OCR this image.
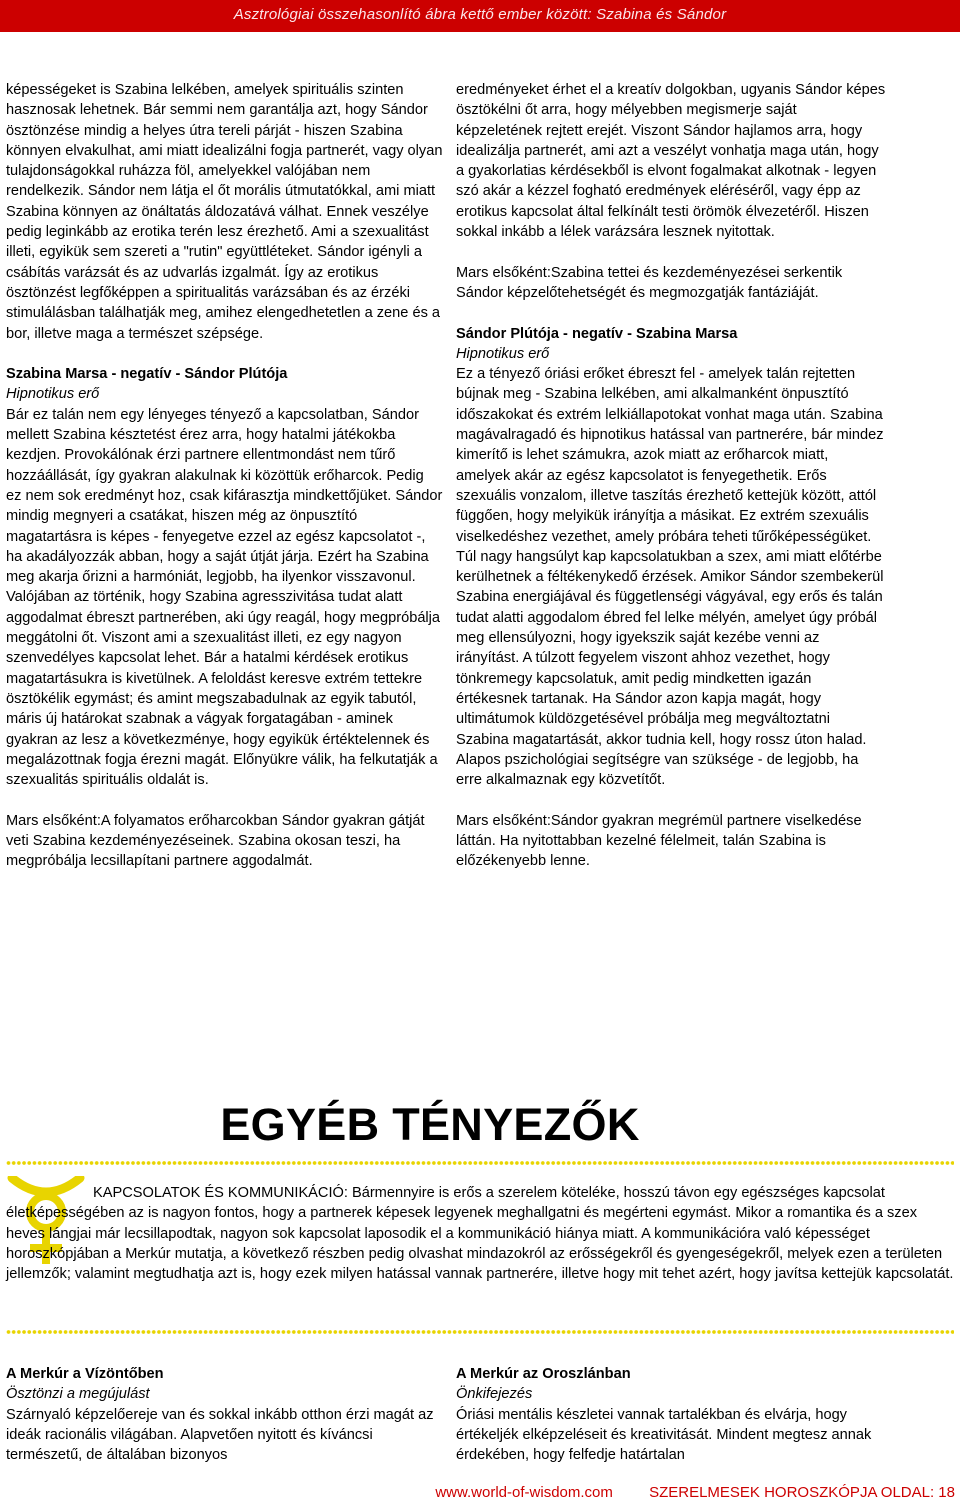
Asztrológiai összehasonlító ábra kettő ember között: Szabina és Sándor

képességeket is Szabina lelkében, amelyek spirituális szinten hasznosak lehetnek. Bár semmi nem garantálja azt, hogy Sándor ösztönzése mindig a helyes útra tereli párját - hiszen Szabina könnyen elvakulhat, ami miatt idealizálni fogja partnerét, vagy olyan tulajdonságokkal ruházza föl, amelyekkel valójában nem rendelkezik. Sándor nem látja el őt morális útmutatókkal, ami miatt Szabina könnyen az önáltatás áldozatává válhat. Ennek veszélye pedig leginkább az erotika terén lesz érezhető. Ami a szexualitást illeti, egyikük sem szereti a "rutin" együttléteket. Sándor igényli a csábítás varázsát és az udvarlás izgalmát. Így az erotikus ösztönzést legfőképpen a spiritualitás varázsában és az érzéki stimulálásban találhatják meg, amihez elengedhetetlen a zene és a bor, illetve maga a természet szépsége.

Szabina Marsa - negatív - Sándor Plútója

Hipnotikus erő

Bár ez talán nem egy lényeges tényező a kapcsolatban, Sándor mellett Szabina késztetést érez arra, hogy hatalmi játékokba kezdjen. Provokálónak érzi partnere ellentmondást nem tűrő hozzáállását, így gyakran alakulnak ki közöttük erőharcok. Pedig ez nem sok eredményt hoz, csak kifárasztja mindkettőjüket. Sándor mindig megnyeri a csatákat, hiszen még az önpusztító magatartásra is képes - fenyegetve ezzel az egész kapcsolatot -, ha akadályozzák abban, hogy a saját útját járja. Ezért ha Szabina meg akarja őrizni a harmóniát, legjobb, ha ilyenkor visszavonul. Valójában az történik, hogy Szabina agresszivitása tudat alatt aggodalmat ébreszt partnerében, aki úgy reagál, hogy megpróbálja meggátolni őt. Viszont ami a szexualitást illeti, ez egy nagyon szenvedélyes kapcsolat lehet. Bár a hatalmi kérdések erotikus magatartásukra is kivetülnek. A feloldást keresve extrém tettekre ösztökélik egymást; és amint megszabadulnak az egyik tabutól, máris új határokat szabnak a vágyak forgatagában - aminek gyakran az lesz a következménye, hogy egyikük értéktelennek és megalázottnak fogja érezni magát. Előnyükre válik, ha felkutatják a szexualitás spirituális oldalát is.

Mars elsőként:A folyamatos erőharcokban Sándor gyakran gátját veti Szabina kezdeményezéseinek. Szabina okosan teszi, ha megpróbálja lecsillapítani partnere aggodalmát.

eredményeket érhet el a kreatív dolgokban, ugyanis Sándor képes ösztökélni őt arra, hogy mélyebben megismerje saját képzeletének rejtett erejét. Viszont Sándor hajlamos arra, hogy idealizálja partnerét, ami azt a veszélyt vonhatja maga után, hogy a gyakorlatias kérdésekből is elvont fogalmakat alkotnak - legyen szó akár a kézzel fogható eredmények eléréséről, vagy épp az erotikus kapcsolat által felkínált testi örömök élvezetéről. Hiszen sokkal inkább a lélek varázsára lesznek nyitottak.

Mars elsőként:Szabina tettei és kezdeményezései serkentik Sándor képzelőtehetségét és megmozgatják fantáziáját.

Sándor Plútója - negatív - Szabina Marsa

Hipnotikus erő

Ez a tényező óriási erőket ébreszt fel - amelyek talán rejtetten bújnak meg - Szabina lelkében, ami alkalmanként önpusztító időszakokat és extrém lelkiállapotokat vonhat maga után. Szabina magávalragadó és hipnotikus hatással van partnerére, bár mindez kimerítő is lehet számukra, azok miatt az erőharcok miatt, amelyek akár az egész kapcsolatot is fenyegethetik. Erős szexuális vonzalom, illetve taszítás érezhető kettejük között, attól függően, hogy melyikük irányítja a másikat. Ez extrém szexuális viselkedéshez vezethet, amely próbára teheti tűrőképességüket. Túl nagy hangsúlyt kap kapcsolatukban a szex, ami miatt előtérbe kerülhetnek a féltékenykedő érzések. Amikor Sándor szembekerül Szabina energiájával és függetlenségi vágyával, egy erős és talán tudat alatti aggodalom ébred fel lelke mélyén, amelyet úgy próbál meg ellensúlyozni, hogy igyekszik saját kezébe venni az irányítást. A túlzott fegyelem viszont ahhoz vezethet, hogy tönkremegy kapcsolatuk, amit pedig mindketten igazán értékesnek tartanak. Ha Sándor azon kapja magát, hogy ultimátumok küldözgetésével próbálja meg megváltoztatni Szabina magatartását, akkor tudnia kell, hogy rossz úton halad. Alapos pszichológiai segítségre van szüksége - de legjobb, ha erre alkalmaznak egy közvetítőt.

Mars elsőként:Sándor gyakran megrémül partnere viselkedése láttán. Ha nyitottabban kezelné félelmeit, talán Szabina is előzékenyebb lenne.

EGYÉB TÉNYEZŐK

KAPCSOLATOK ÉS KOMMUNIKÁCIÓ: Bármennyire is erős a szerelem köteléke, hosszú távon egy egészséges kapcsolat életképességében az is nagyon fontos, hogy a partnerek képesek legyenek meghallgatni és megérteni egymást. Mikor a romantika és a szex heves lángjai már lecsillapodtak, nagyon sok kapcsolat laposodik el a kommunikáció hiánya miatt. A kommunikációra való képességet horoszkópjában a Merkúr mutatja, a következő részben pedig olvashat mindazokról az erősségekről és gyengeségekről, melyek ezen a területen jellemzők; valamint megtudhatja azt is, hogy ezek milyen hatással vannak partnerére, illetve hogy mit tehet azért, hogy javítsa kettejük kapcsolatát.

A Merkúr a Vízöntőben

Ösztönzi a megújulást

Szárnyaló képzelőereje van és sokkal inkább otthon érzi magát az ideák racionális világában. Alapvetően nyitott és kíváncsi természetű, de általában bizonyos

A Merkúr az Oroszlánban

Önkifejezés

Óriási mentális készletei vannak tartalékban és elvárja, hogy értékeljék elképzeléseit és kreativitását. Mindent megtesz annak érdekében, hogy felfedje határtalan

www.world-of-wisdom.com SZERELMESEK HOROSZKÓPJA OLDAL: 18
